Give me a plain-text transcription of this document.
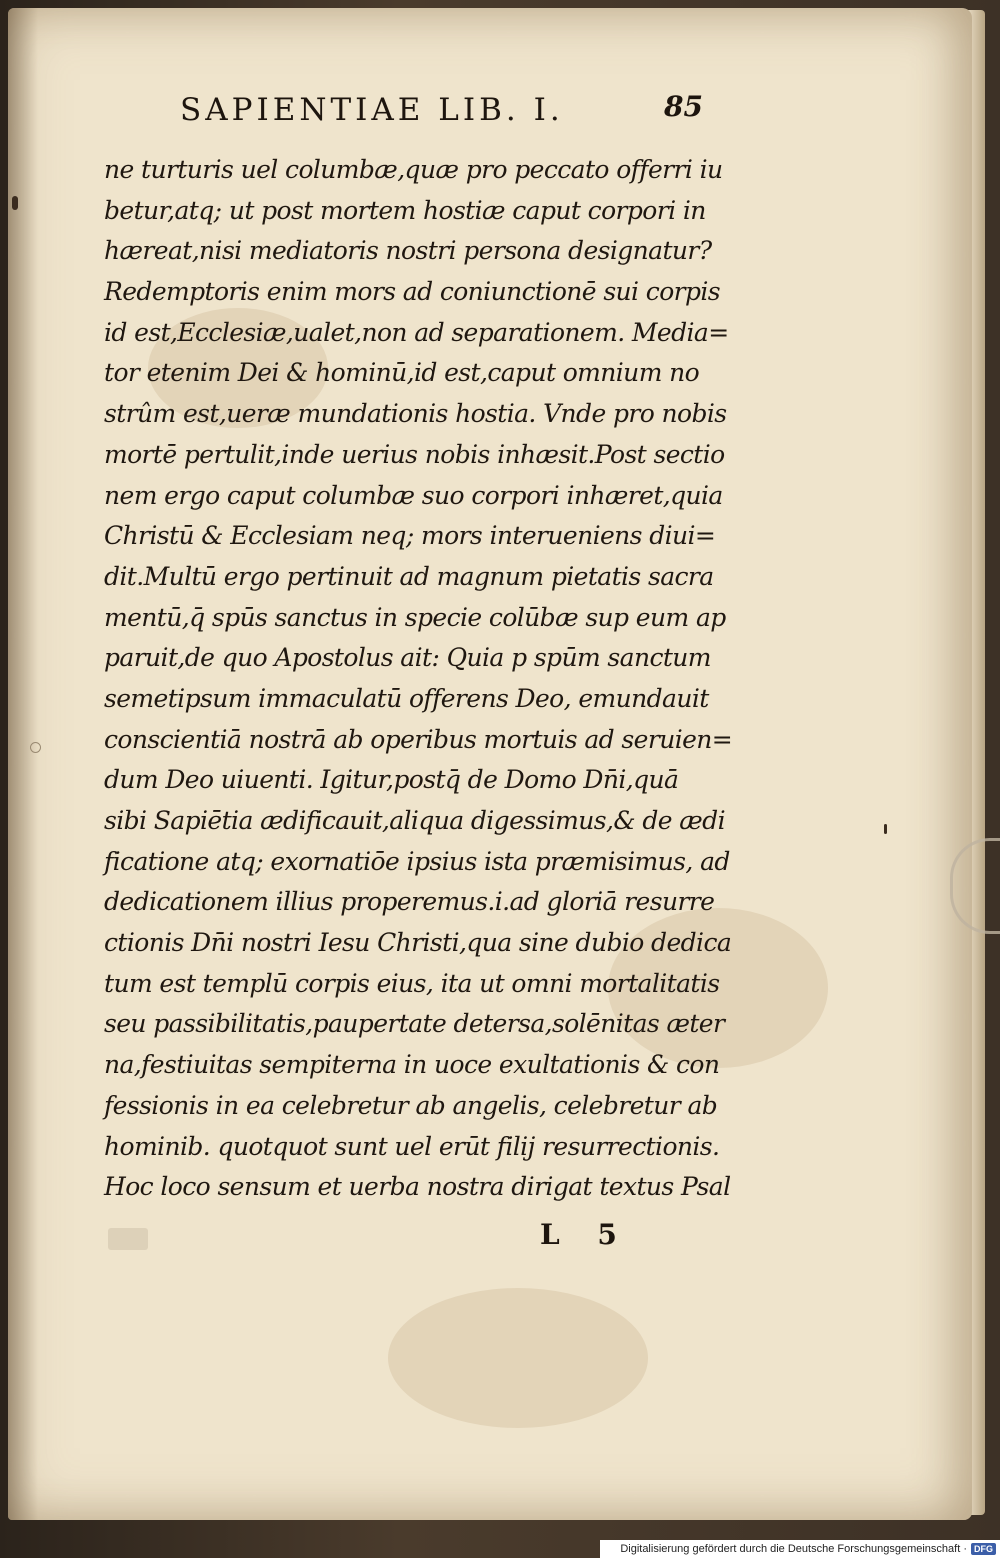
SAPIENTIAE LIB. I.	85
ne turturis uel columbæ,quæ pro peccato offerri iu
betur,atq; ut post mortem hostiæ caput corpori in
hæreat,nisi mediatoris nostri persona designatur?
Redemptoris enim mors ad coniunctionē sui corpis
id est,Ecclesiæ,ualet,non ad separationem. Media=
tor etenim Dei & hominū,id est,caput omnium no
strûm est,ueræ mundationis hostia. Vnde pro nobis
mortē pertulit,inde uerius nobis inhæsit.Post sectio
nem ergo caput columbæ suo corpori inhæret,quia
Christū & Ecclesiam neq; mors interueniens diui=
dit.Multū ergo pertinuit ad magnum pietatis sacra
mentū,q̄ spūs sanctus in specie colūbæ sup eum ap
paruit,de quo Apostolus ait: Quia p spūm sanctum
semetipsum immaculatū offerens Deo, emundauit
conscientiā nostrā ab operibus mortuis ad seruien=
dum Deo uiuenti. Igitur,postq̄ de Domo Dn̄i,quā
sibi Sapiētia ædificauit,aliqua digessimus,& de ædi
ficatione atq; exornatiōe ipsius ista præmisimus, ad
dedicationem illius properemus.i.ad gloriā resurre
ctionis Dn̄i nostri Iesu Christi,qua sine dubio dedica
tum est templū corpis eius, ita ut omni mortalitatis
seu passibilitatis,paupertate detersa,solēnitas æter
na,festiuitas sempiterna in uoce exultationis & con
fessionis in ea celebretur ab angelis, celebretur ab
hominib. quotquot sunt uel erūt filij resurrectionis.
Hoc loco sensum et uerba nostra dirigat textus Psal
L 5
Digitalisierung gefördert durch die Deutsche Forschungsgemeinschaft · DFG
